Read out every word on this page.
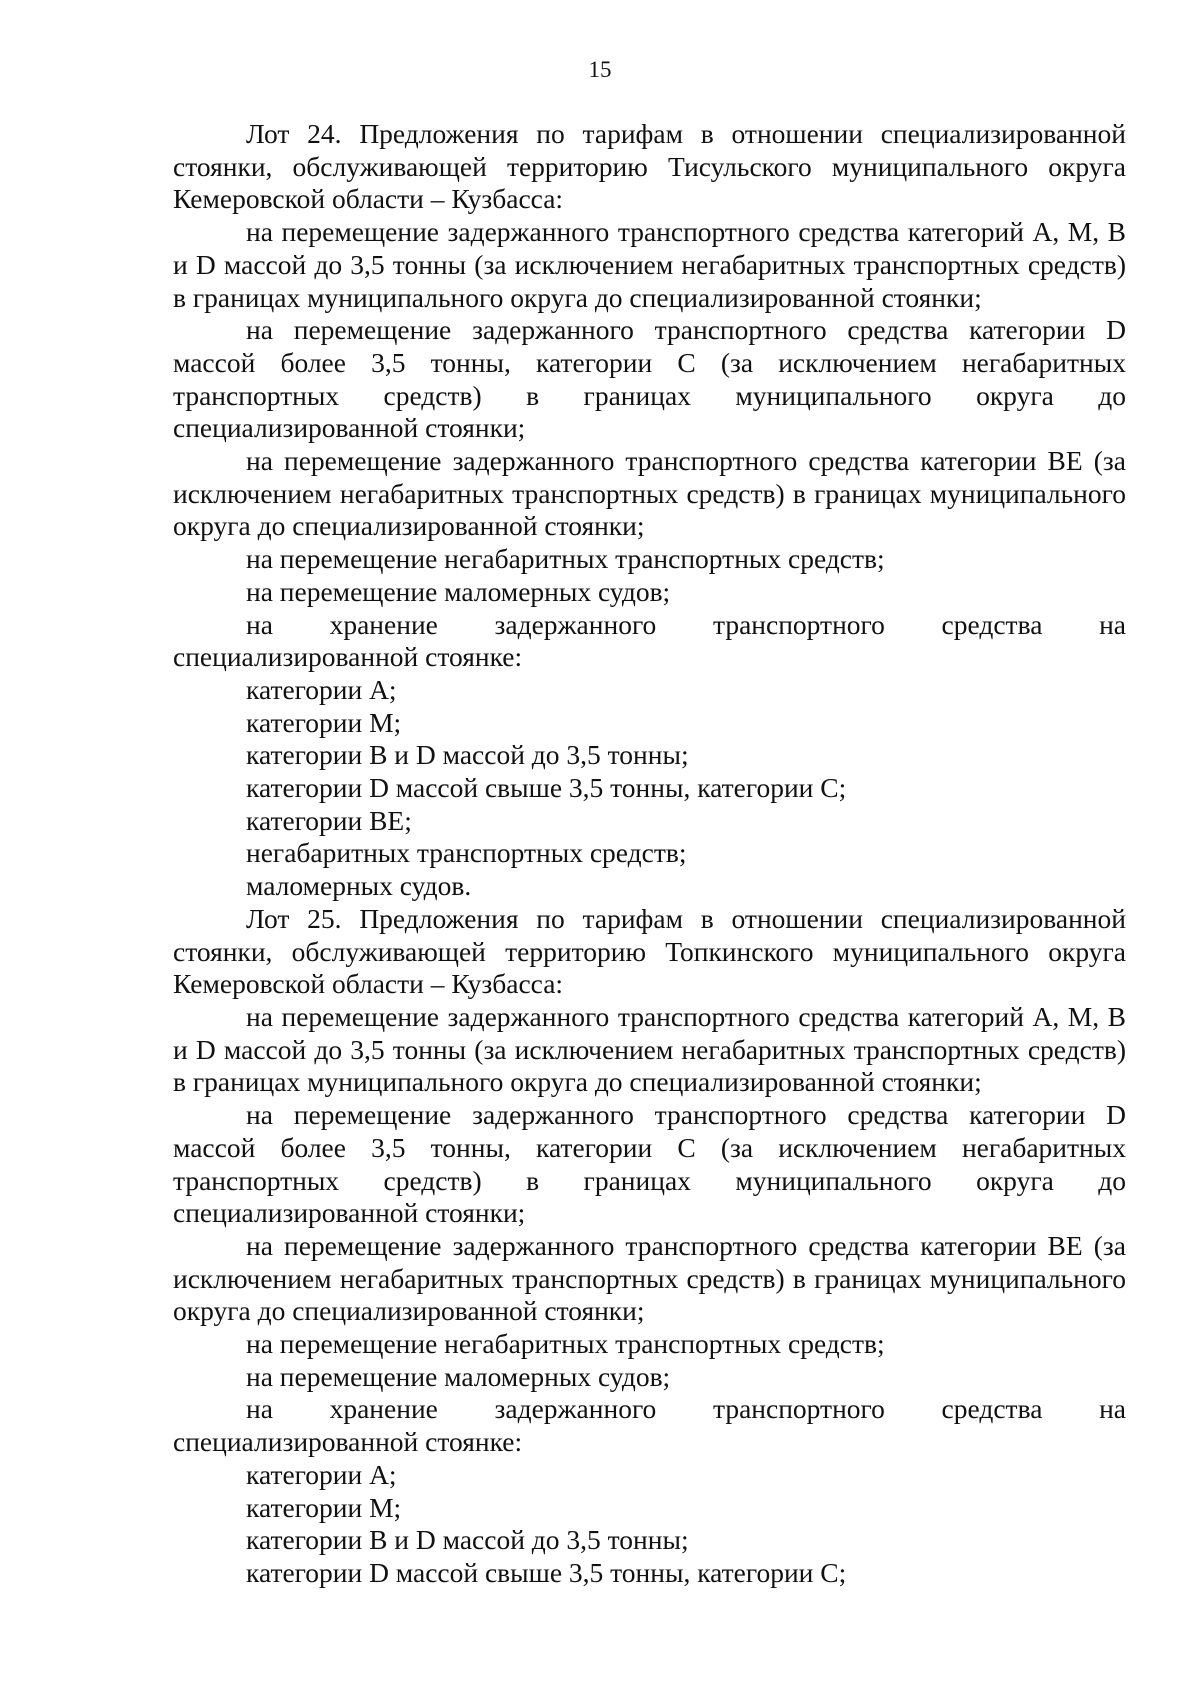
15

Лот 24. Предложения по тарифам в отношении специализированной стоянки, обслуживающей территорию Тисульского муниципального округа Кемеровской области – Кузбасса:

на перемещение задержанного транспортного средства категорий А, М, В и D массой до 3,5 тонны (за исключением негабаритных транспортных средств) в границах муниципального округа до специализированной стоянки;

на перемещение задержанного транспортного средства категории D массой более 3,5 тонны, категории С (за исключением негабаритных транспортных средств) в границах муниципального округа до специализированной стоянки;

на перемещение задержанного транспортного средства категории ВЕ (за исключением негабаритных транспортных средств) в границах муниципального округа до специализированной стоянки;

на перемещение негабаритных транспортных средств;

на перемещение маломерных судов;

на хранение задержанного транспортного средства на специализированной стоянке:

категории А;

категории М;

категории В и D массой до 3,5 тонны;

категории D массой свыше 3,5 тонны, категории С;

категории ВЕ;

негабаритных транспортных средств;

маломерных судов.

Лот 25. Предложения по тарифам в отношении специализированной стоянки, обслуживающей территорию Топкинского муниципального округа Кемеровской области – Кузбасса:

на перемещение задержанного транспортного средства категорий А, М, В и D массой до 3,5 тонны (за исключением негабаритных транспортных средств) в границах муниципального округа до специализированной стоянки;

на перемещение задержанного транспортного средства категории D массой более 3,5 тонны, категории С (за исключением негабаритных транспортных средств) в границах муниципального округа до специализированной стоянки;

на перемещение задержанного транспортного средства категории ВЕ (за исключением негабаритных транспортных средств) в границах муниципального округа до специализированной стоянки;

на перемещение негабаритных транспортных средств;

на перемещение маломерных судов;

на хранение задержанного транспортного средства на специализированной стоянке:

категории А;

категории М;

категории В и D массой до 3,5 тонны;

категории D массой свыше 3,5 тонны, категории С;
